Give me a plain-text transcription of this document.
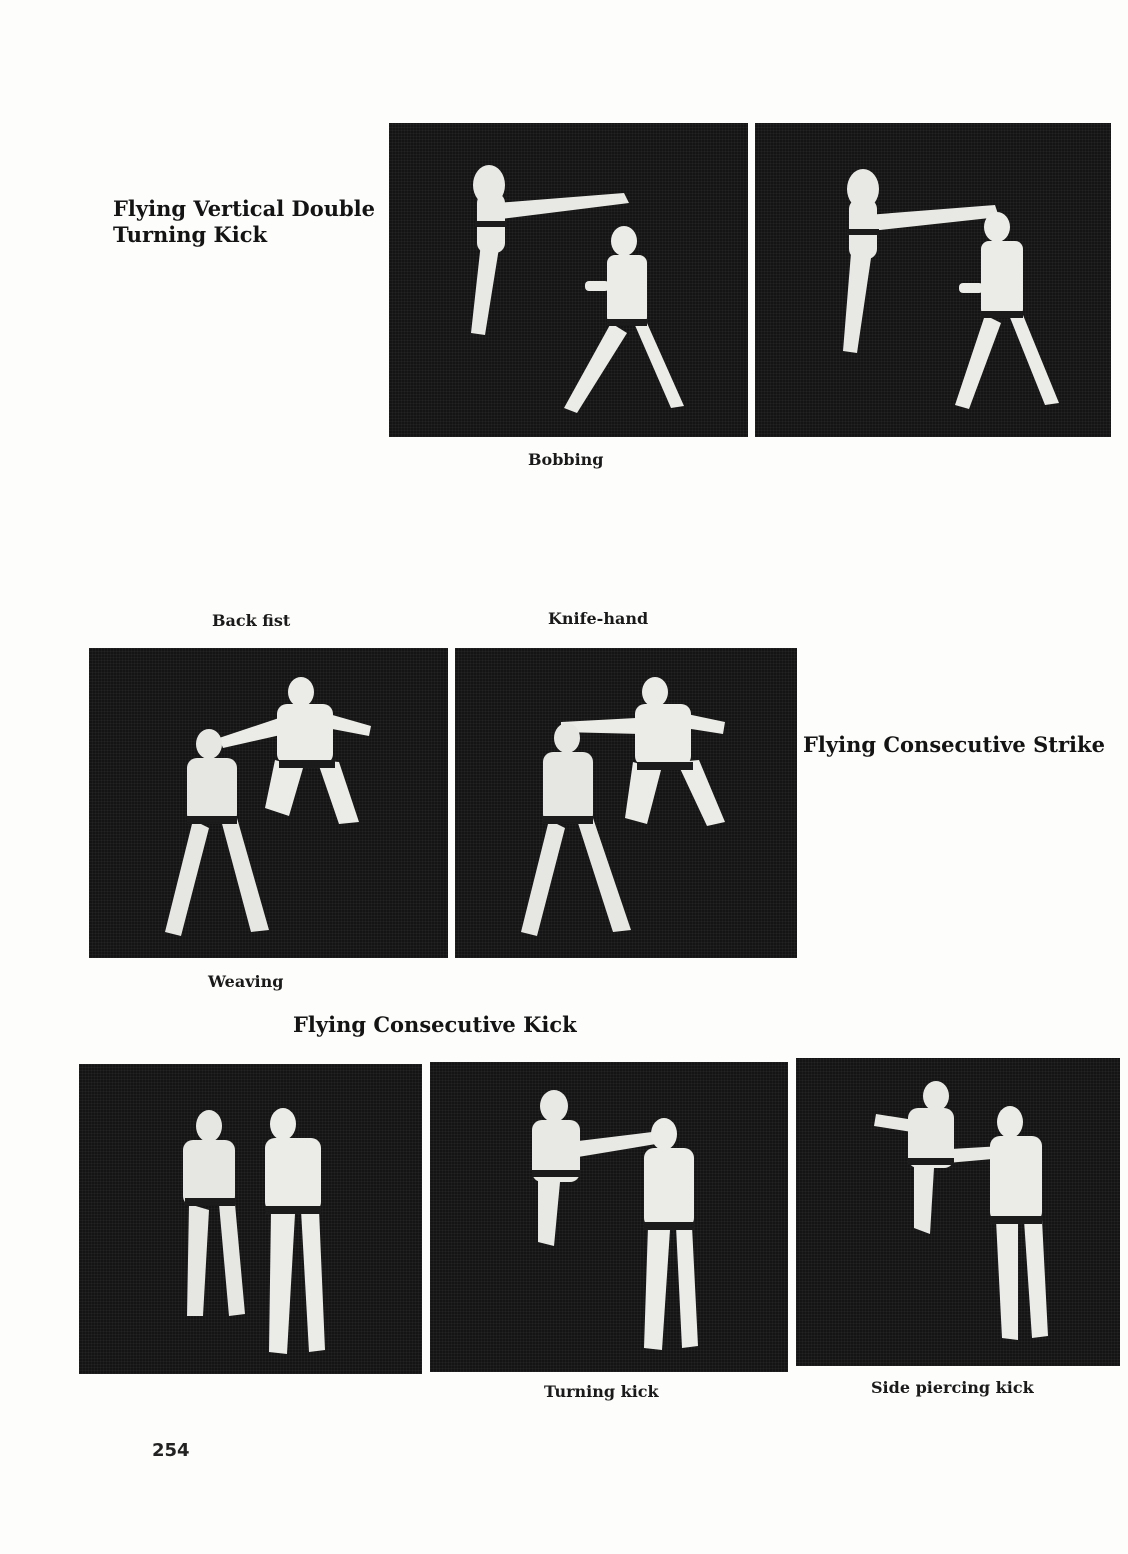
Flying Vertical Double
Turning Kick
Bobbing
Back fist	Knife-hand
Flying Consecutive Strike
Weaving
Flying Consecutive Kick
Turning kick	Side piercing kick
254
